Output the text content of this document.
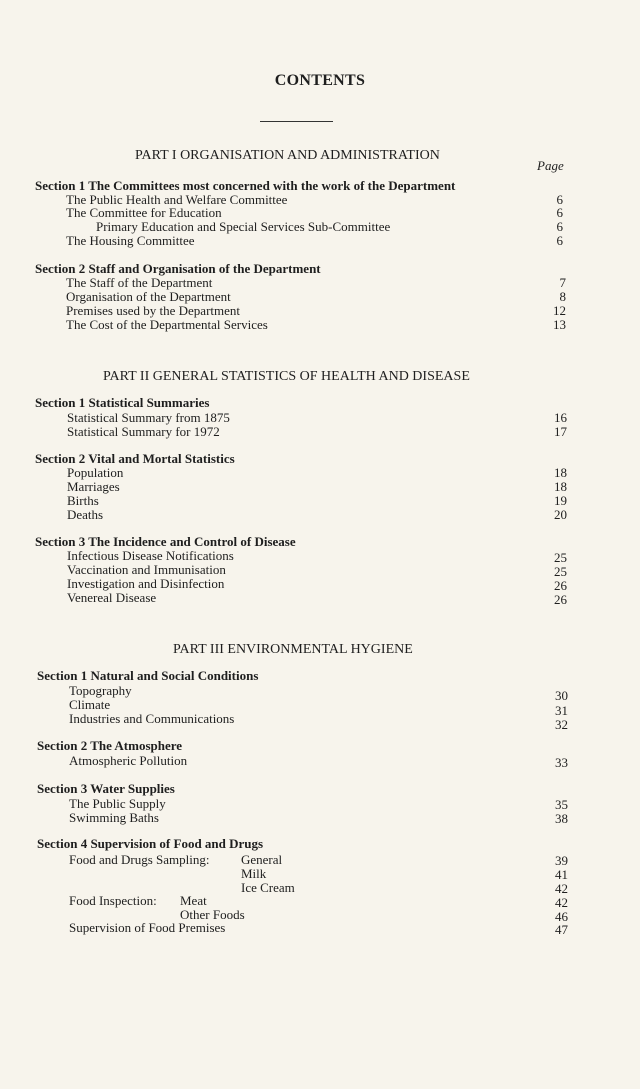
CONTENTS
Page
PART I ORGANISATION AND ADMINISTRATION
Section 1 The Committees most concerned with the work of the Department
The Public Health and Welfare Committee	6
The Committee for Education	6
Primary Education and Special Services Sub-Committee	6
The Housing Committee	6
Section 2 Staff and Organisation of the Department
The Staff of the Department	7
Organisation of the Department	8
Premises used by the Department	12
The Cost of the Departmental Services	13
PART II GENERAL STATISTICS OF HEALTH AND DISEASE
Section 1 Statistical Summaries
Statistical Summary from 1875	16
Statistical Summary for 1972	17
Section 2 Vital and Mortal Statistics
Population	18
Marriages	18
Births	19
Deaths	20
Section 3 The Incidence and Control of Disease
Infectious Disease Notifications	25
Vaccination and Immunisation	25
Investigation and Disinfection	26
Venereal Disease	26
PART III ENVIRONMENTAL HYGIENE
Section 1 Natural and Social Conditions
Topography	30
Climate	31
Industries and Communications	32
Section 2 The Atmosphere
Atmospheric Pollution	33
Section 3 Water Supplies
The Public Supply	35
Swimming Baths	38
Section 4 Supervision of Food and Drugs
Food and Drugs Sampling: General	39
Milk	41
Ice Cream	42
Food Inspection: Meat	42
Other Foods	46
Supervision of Food Premises	47
